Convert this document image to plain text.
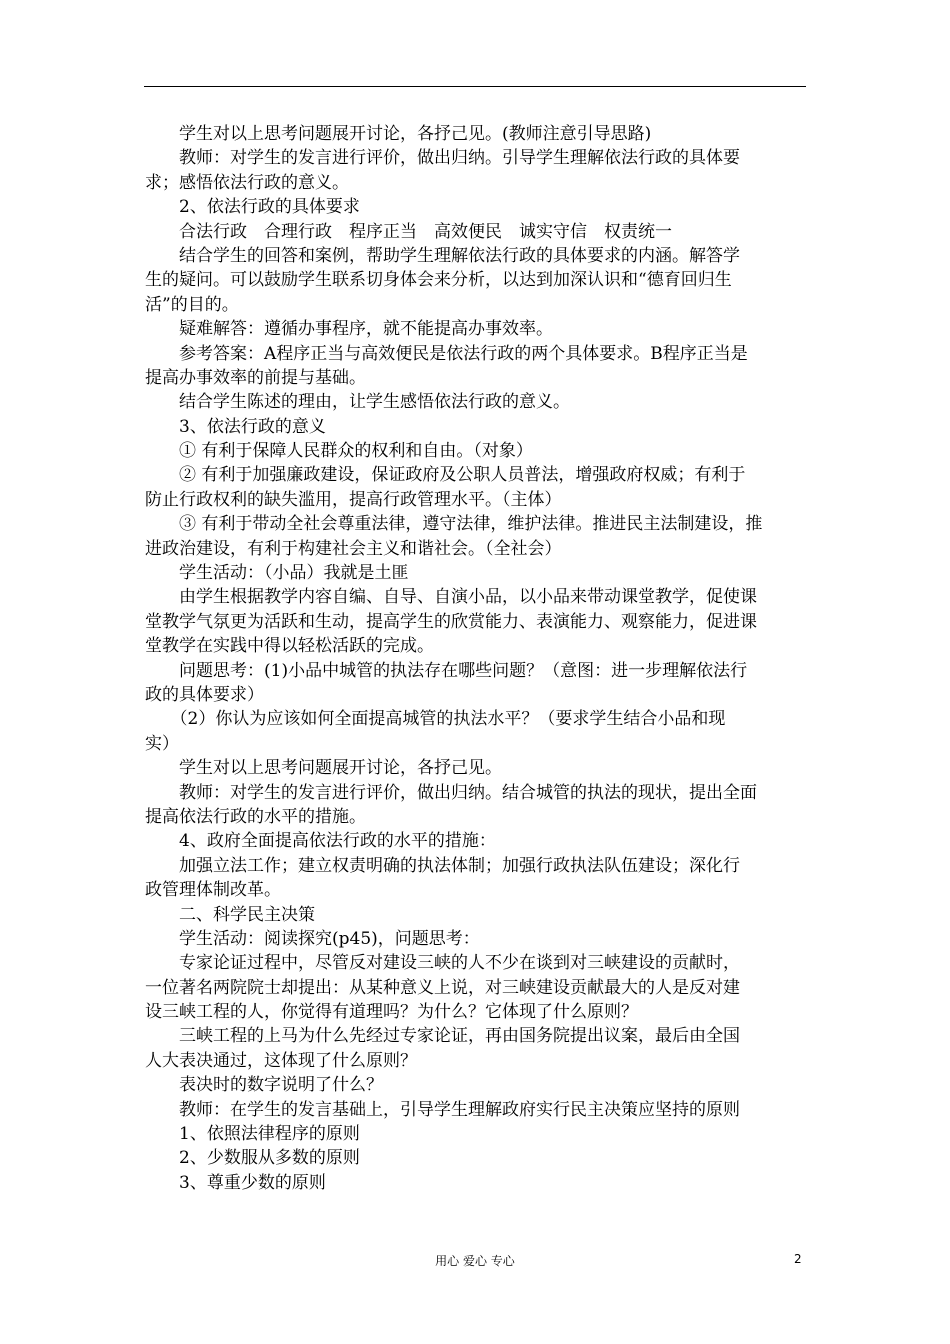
　　学生对以上思考问题展开讨论，各抒己见。(教师注意引导思路)
　　教师：对学生的发言进行评价，做出归纳。引导学生理解依法行政的具体要
求；感悟依法行政的意义。
　　2、依法行政的具体要求
　　合法行政　合理行政　程序正当　高效便民　诚实守信　权责统一
　　结合学生的回答和案例，帮助学生理解依法行政的具体要求的内涵。解答学
生的疑问。可以鼓励学生联系切身体会来分析，以达到加深认识和“德育回归生
活”的目的。
　　疑难解答：遵循办事程序，就不能提高办事效率。
　　参考答案：A程序正当与高效便民是依法行政的两个具体要求。B程序正当是
提高办事效率的前提与基础。
　　结合学生陈述的理由，让学生感悟依法行政的意义。
　　3、依法行政的意义
　　① 有利于保障人民群众的权利和自由。（对象）
　　② 有利于加强廉政建设，保证政府及公职人员普法，增强政府权威；有利于
防止行政权利的缺失滥用，提高行政管理水平。（主体）
　　③ 有利于带动全社会尊重法律，遵守法律，维护法律。推进民主法制建设，推
进政治建设，有利于构建社会主义和谐社会。（全社会）
　　学生活动：（小品）我就是土匪
　　由学生根据教学内容自编、自导、自演小品，以小品来带动课堂教学，促使课
堂教学气氛更为活跃和生动，提高学生的欣赏能力、表演能力、观察能力，促进课
堂教学在实践中得以轻松活跃的完成。
　　问题思考：(1)小品中城管的执法存在哪些问题？（意图：进一步理解依法行
政的具体要求）
　　（2）你认为应该如何全面提高城管的执法水平？（要求学生结合小品和现
实）
　　学生对以上思考问题展开讨论，各抒己见。
　　教师：对学生的发言进行评价，做出归纳。结合城管的执法的现状，提出全面
提高依法行政的水平的措施。
　　4、政府全面提高依法行政的水平的措施：
　　加强立法工作；建立权责明确的执法体制；加强行政执法队伍建设；深化行
政管理体制改革。
　　二、科学民主决策
　　学生活动：阅读探究(p45)，问题思考：
　　专家论证过程中，尽管反对建设三峡的人不少在谈到对三峡建设的贡献时，
一位著名两院院士却提出：从某种意义上说，对三峡建设贡献最大的人是反对建
设三峡工程的人，你觉得有道理吗？为什么？它体现了什么原则？
　　三峡工程的上马为什么先经过专家论证，再由国务院提出议案，最后由全国
人大表决通过，这体现了什么原则？
　　表决时的数字说明了什么？
　　教师：在学生的发言基础上，引导学生理解政府实行民主决策应坚持的原则
　　1、依照法律程序的原则
　　2、少数服从多数的原则
　　3、尊重少数的原则
用心 爱心 专心	2
